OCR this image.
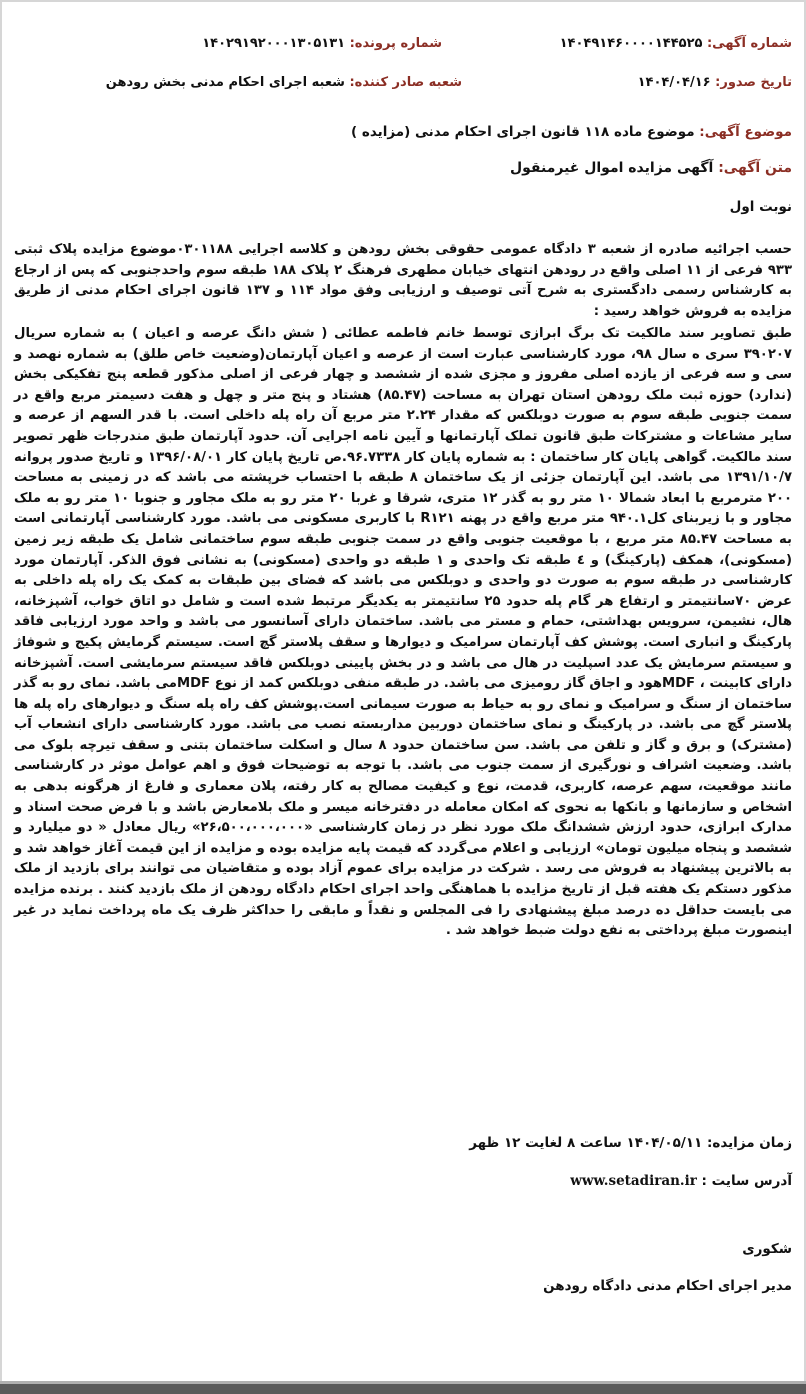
شماره آگهی: ۱۴۰۴۹۱۴۶۰۰۰۰۱۴۴۵۲۵
شماره پرونده: ۱۴۰۲۹۱۹۲۰۰۰۱۳۰۵۱۳۱
تاریخ صدور: ۱۴۰۴/۰۴/۱۶
شعبه صادر کننده: شعبه اجرای احکام مدنی بخش رودهن
موضوع آگهی: موضوع ماده ۱۱۸ قانون اجرای احکام مدنی (مزایده )
متن آگهی: آگهی مزایده اموال غیرمنقول
نوبت اول
حسب اجرائیه صادره از شعبه ۳ دادگاه عمومی حقوقی بخش رودهن و کلاسه اجرایی ۰۳۰۱۱۸۸موضوع مزایده پلاک ثبتی ۹۳۳ فرعی از ۱۱ اصلی واقع در رودهن انتهای خیابان مطهری فرهنگ ۲ پلاک ۱۸۸ طبقه سوم واحدجنوبی که پس از ارجاع به کارشناس رسمی دادگستری به شرح آتی توصیف و ارزیابی وفق مواد ۱۱۴ و ۱۳۷ قانون اجرای احکام مدنی از طریق مزایده به فروش خواهد رسید :
طبق تصاویر سند مالکیت تک برگ ابرازی توسط خانم فاطمه عطائی ( شش دانگ عرصه و اعیان ) به شماره سریال ۳۹۰۲۰۷ سری ه سال ۹۸، مورد کارشناسی عبارت است از عرصه و اعیان آپارتمان(وضعیت خاص طلق) به شماره نهصد و سی و سه فرعی از یازده اصلی مفروز و مجزی شده از ششصد و چهار فرعی از اصلی مذکور قطعه پنج تفکیکی بخش (ندارد) حوزه ثبت ملک رودهن استان تهران به مساحت (۸۵.۴۷) هشتاد و پنج متر و چهل و هفت دسیمتر مربع واقع در سمت جنوبی طبقه سوم به صورت دوبلکس که مقدار ۲.۲۴ متر مربع آن راه پله داخلی است. با قدر السهم از عرصه و سایر مشاعات و مشترکات طبق قانون تملک آپارتمانها و آیین نامه اجرایی آن. حدود آپارتمان طبق مندرجات ظهر تصویر سند مالکیت. گواهی پایان کار ساختمان : به شماره پایان کار ۹۶.۷۳۳۸.ص تاریخ پایان کار ۱۳۹۶/۰۸/۰۱ و تاریخ صدور پروانه ۱۳۹۱/۱۰/۷ می باشد. این آپارتمان جزئی از یک ساختمان ۸ طبقه با احتساب خرپشته می باشد که در زمینی به مساحت ۲۰۰ مترمربع با ابعاد شمالا ۱۰ متر رو به گذر ۱۲ متری، شرقا و غربا ۲۰ متر رو به ملک مجاور و جنوبا ۱۰ متر رو به ملک مجاور و با زیربنای کل۹۴۰.۱ متر مربع واقع در پهنه R۱۲۱ با کاربری مسکونی می باشد. مورد کارشناسی آپارتمانی است به مساحت ۸۵.۴۷ متر مربع ، با موقعیت جنوبی واقع در سمت جنوبی طبقه سوم ساختمانی شامل یک طبقه زیر زمین (مسکونی)، همکف (پارکینگ) و ٤ طبقه تک واحدی و ۱ طبقه دو واحدی (مسکونی) به نشانی فوق الذکر. آپارتمان مورد کارشناسی در طبقه سوم به صورت دو واحدی و دوبلکس می باشد که فضای بین طبقات به کمک یک راه پله داخلی به عرض ۷۰سانتیمتر و ارتفاع هر گام پله حدود ۲۵ سانتیمتر به یکدیگر مرتبط شده است و شامل دو اتاق خواب، آشپزخانه، هال، نشیمن، سرویس بهداشتی، حمام و مستر می باشد. ساختمان دارای آسانسور می باشد و واحد مورد ارزیابی فاقد پارکینگ و انباری است. پوشش کف آپارتمان سرامیک و دیوارها و سقف پلاستر گچ است. سیستم گرمایش پکیج و شوفاژ و سیستم سرمایش یک عدد اسپلیت در هال می باشد و در بخش پایینی دوبلکس فاقد سیستم سرمایشی است. آشپزخانه دارای کابینت ، MDFهود و اجاق گاز رومیزی می باشد. در طبقه منفی دوبلکس کمد از نوع MDFمی باشد. نمای رو به گذر ساختمان از سنگ و سرامیک و نمای رو به حیاط به صورت سیمانی است.پوشش کف راه پله سنگ و دیوارهای راه پله ها پلاستر گچ می باشد. در پارکینگ و نمای ساختمان دوربین مداربسته نصب می باشد. مورد کارشناسی دارای انشعاب آب (مشترک) و برق و گاز و تلفن می باشد. سن ساختمان حدود ۸ سال و اسکلت ساختمان بتنی و سقف تیرچه بلوک می باشد. وضعیت اشراف و نورگیری از سمت جنوب می باشد. با توجه به توضیحات فوق و اهم عوامل موثر در کارشناسی مانند موقعیت، سهم عرصه، کاربری، قدمت، نوع و کیفیت مصالح به کار رفته، پلان معماری و فارغ از هرگونه بدهی به اشخاص و سازمانها و بانکها به نحوی که امکان معامله در دفترخانه میسر و ملک بلامعارض باشد و با فرض صحت اسناد و مدارک ابرازی، حدود ارزش ششدانگ ملک مورد نظر در زمان کارشناسی «۲۶،۵۰۰،۰۰۰،۰۰۰» ریال معادل « دو میلیارد و ششصد و پنجاه میلیون تومان» ارزیابی و اعلام می‌گردد که قیمت پایه مزایده بوده و مزایده از این قیمت آغاز خواهد شد و به بالاترین پیشنهاد به فروش می رسد . شرکت در مزایده برای عموم آزاد بوده و متقاضیان می توانند برای بازدید از ملک مذکور دستکم یک هفته قبل از تاریخ مزایده با هماهنگی واحد اجرای احکام دادگاه رودهن از ملک بازدید کنند . برنده مزایده می بایست حداقل ده درصد مبلغ پیشنهادی را فی المجلس و نقداً و مابقی را حداکثر ظرف یک ماه پرداخت نماید در غیر اینصورت مبلغ پرداختی به نفع دولت ضبط خواهد شد .
زمان مزایده: ۱۴۰۴/۰۵/۱۱ ساعت ۸ لغایت ۱۲ ظهر
آدرس سایت : www.setadiran.ir
شکوری
مدیر اجرای احکام مدنی دادگاه رودهن
